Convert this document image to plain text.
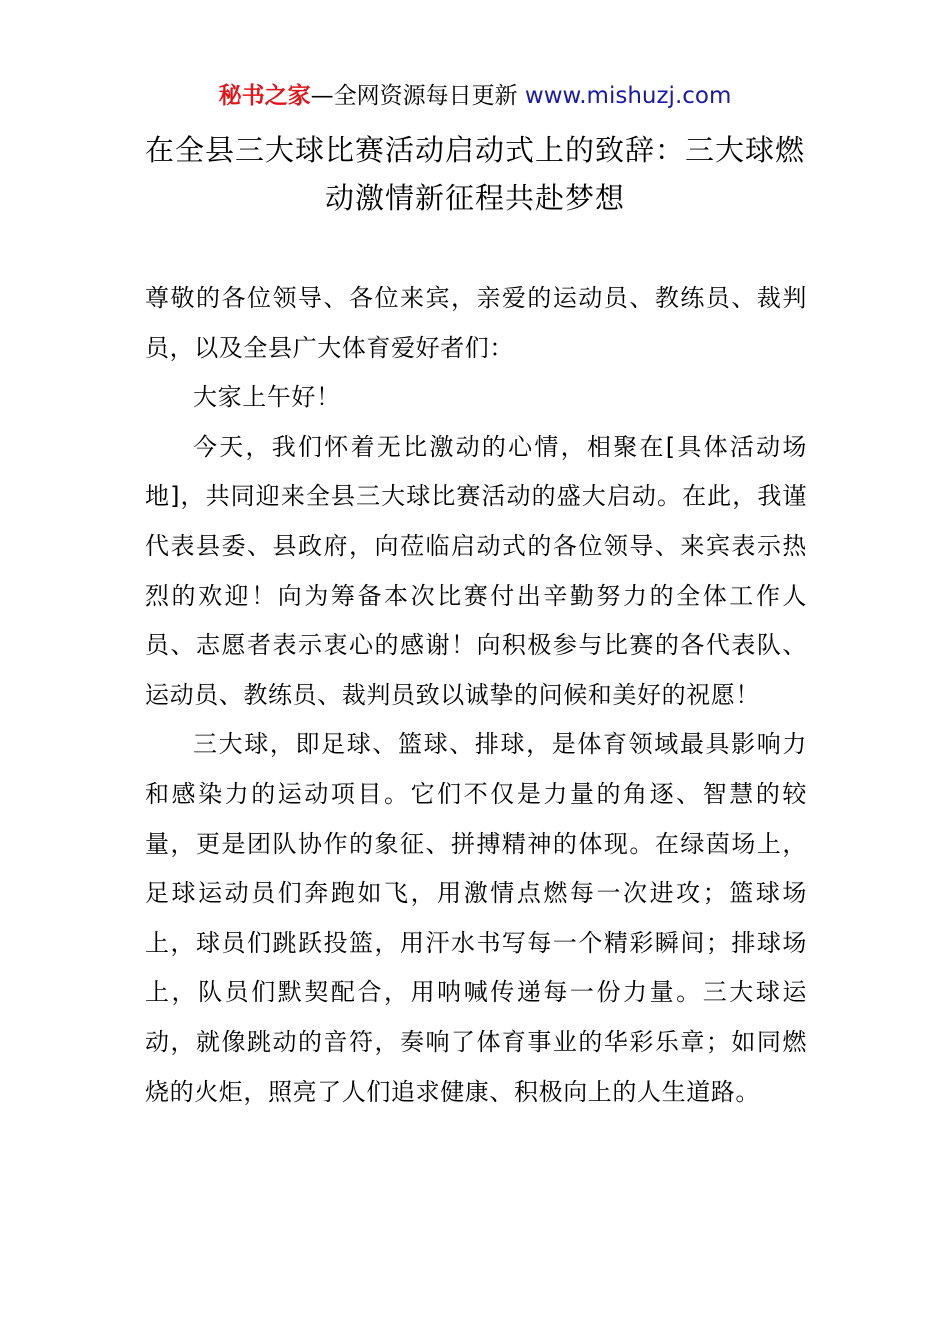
秘书之家—全网资源每日更新 www.mishuzj.com
在全县三大球比赛活动启动式上的致辞：三大球燃动激情新征程共赴梦想

尊敬的各位领导、各位来宾，亲爱的运动员、教练员、裁判员，以及全县广大体育爱好者们：

大家上午好！

今天，我们怀着无比激动的心情，相聚在[具体活动场地]，共同迎来全县三大球比赛活动的盛大启动。在此，我谨代表县委、县政府，向莅临启动式的各位领导、来宾表示热烈的欢迎！向为筹备本次比赛付出辛勤努力的全体工作人员、志愿者表示衷心的感谢！向积极参与比赛的各代表队、运动员、教练员、裁判员致以诚挚的问候和美好的祝愿！

三大球，即足球、篮球、排球，是体育领域最具影响力和感染力的运动项目。它们不仅是力量的角逐、智慧的较量，更是团队协作的象征、拼搏精神的体现。在绿茵场上，足球运动员们奔跑如飞，用激情点燃每一次进攻；篮球场上，球员们跳跃投篮，用汗水书写每一个精彩瞬间；排球场上，队员们默契配合，用呐喊传递每一份力量。三大球运动，就像跳动的音符，奏响了体育事业的华彩乐章；如同燃烧的火炬，照亮了人们追求健康、积极向上的人生道路。
